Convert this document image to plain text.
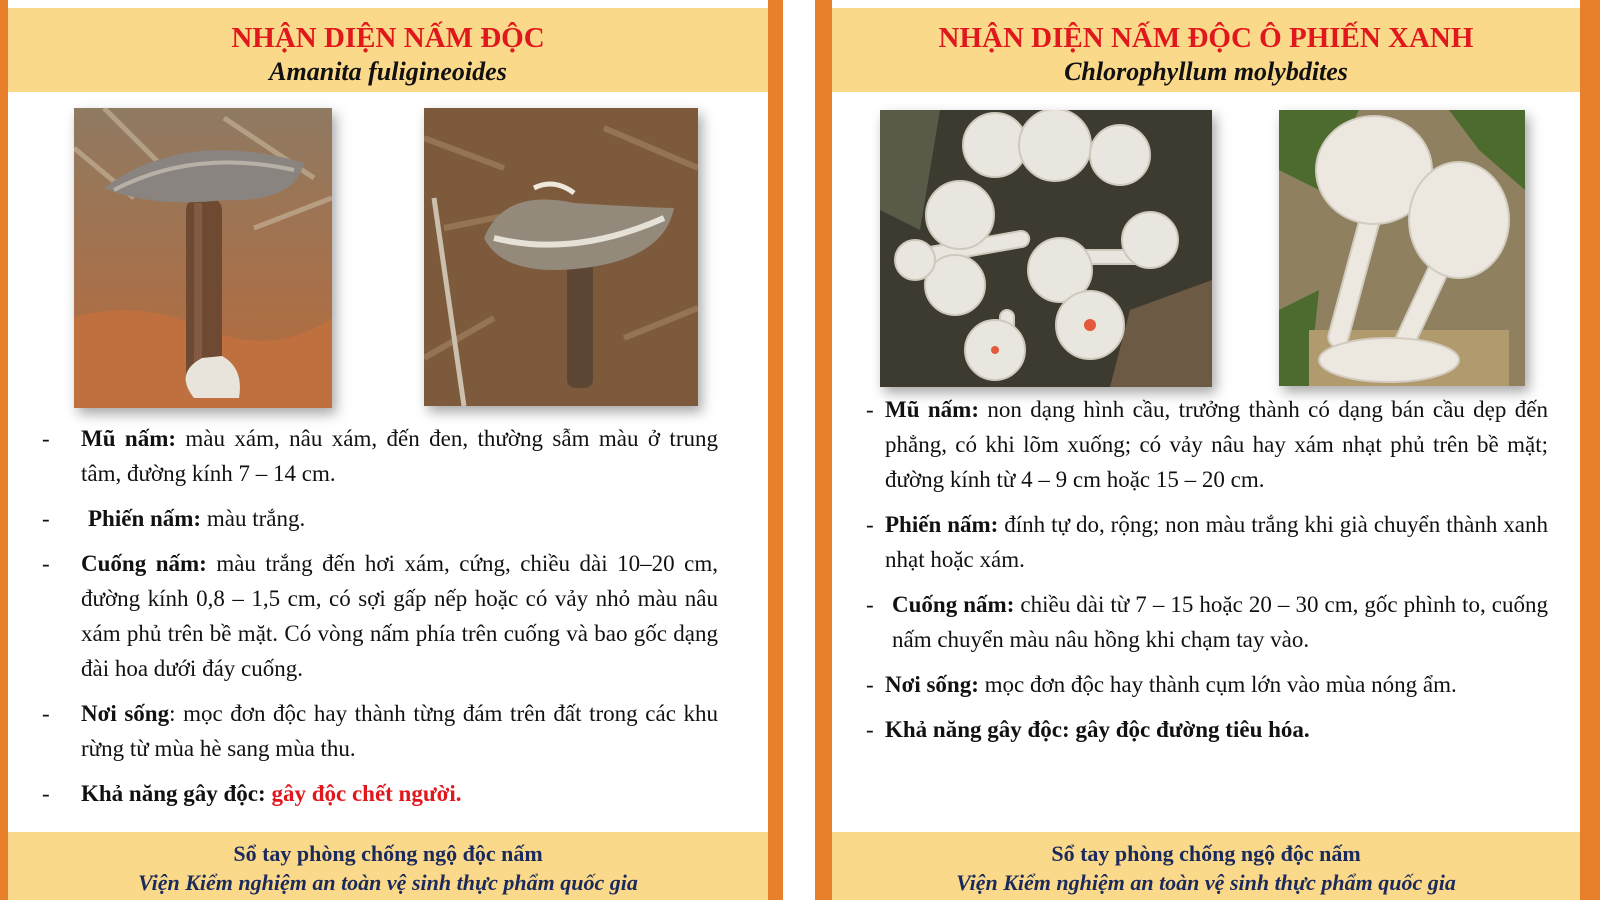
NHẬN DIỆN NẤM ĐỘC
Amanita fuligineoides
- Mũ nấm: màu xám, nâu xám, đến đen, thường sẫm màu ở trung tâm, đường kính 7 – 14 cm.
- Phiến nấm: màu trắng.
- Cuống nấm: màu trắng đến hơi xám, cứng, chiều dài 10–20 cm, đường kính 0,8 – 1,5 cm, có sợi gấp nếp hoặc có vảy nhỏ màu nâu xám phủ trên bề mặt. Có vòng nấm phía trên cuống và bao gốc dạng đài hoa dưới đáy cuống.
- Nơi sống: mọc đơn độc hay thành từng đám trên đất trong các khu rừng từ mùa hè sang mùa thu.
- Khả năng gây độc: gây độc chết người.
Sổ tay phòng chống ngộ độc nấm
Viện Kiểm nghiệm an toàn vệ sinh thực phẩm quốc gia
NHẬN DIỆN NẤM ĐỘC Ô PHIẾN XANH
Chlorophyllum molybdites
- Mũ nấm: non dạng hình cầu, trưởng thành có dạng bán cầu dẹp đến phẳng, có khi lõm xuống; có vảy nâu hay xám nhạt phủ trên bề mặt; đường kính từ 4 – 9 cm hoặc 15 – 20 cm.
- Phiến nấm: đính tự do, rộng; non màu trắng khi già chuyển thành xanh nhạt hoặc xám.
- Cuống nấm: chiều dài từ 7 – 15 hoặc 20 – 30 cm, gốc phình to, cuống nấm chuyển màu nâu hồng khi chạm tay vào.
- Nơi sống: mọc đơn độc hay thành cụm lớn vào mùa nóng ẩm.
- Khả năng gây độc: gây độc đường tiêu hóa.
Sổ tay phòng chống ngộ độc nấm
Viện Kiểm nghiệm an toàn vệ sinh thực phẩm quốc gia
